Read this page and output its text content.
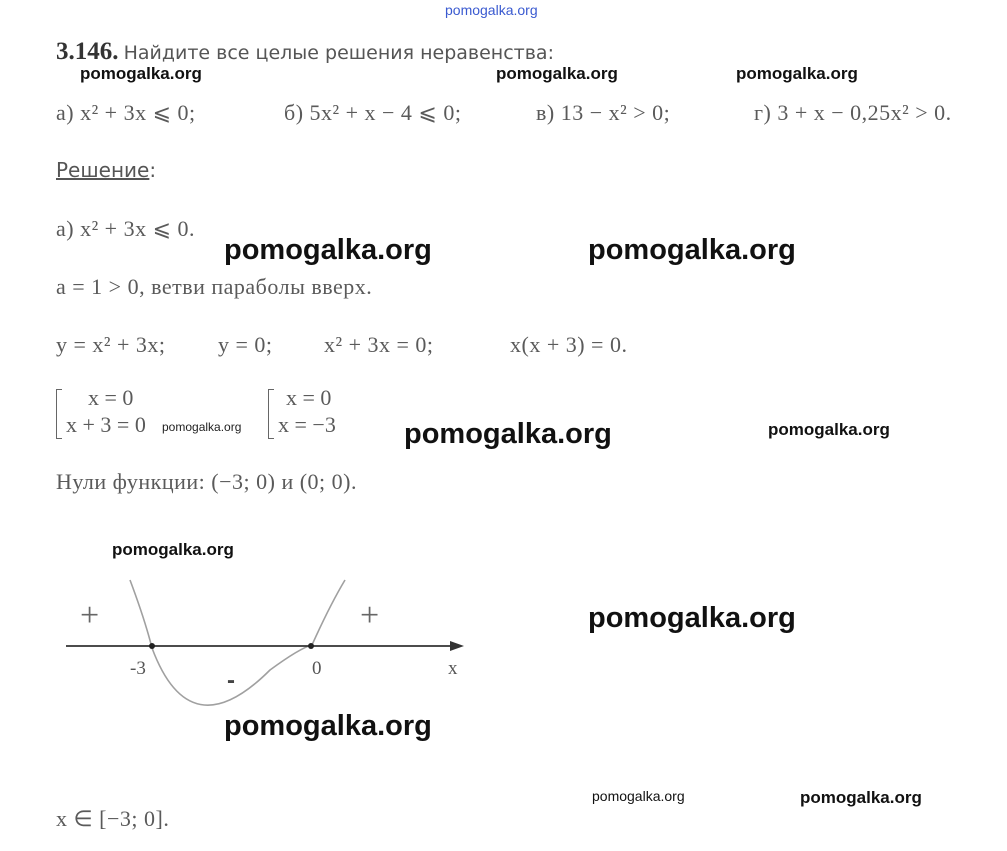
pomogalka.org
3.146. Найдите все целые решения неравенства:
pomogalka.org	pomogalka.org	pomogalka.org
а) x² + 3x ⩽ 0;	б) 5x² + x − 4 ⩽ 0;	в) 13 − x² > 0;	г) 3 + x − 0,25x² > 0.
Решение:
а) x² + 3x ⩽ 0.
pomogalka.org	pomogalka.org
a = 1 > 0, ветви параболы вверх.
y = x² + 3x; y = 0; x² + 3x = 0;	x(x + 3) = 0.
x = 0
x + 3 = 0 pomogalka.org
x = 0
x = −3 pomogalka.org	pomogalka.org
Нули функции: (−3; 0) и (0; 0).
pomogalka.org
+	+
-
-3	0	x
pomogalka.org
pomogalka.org
pomogalka.org	pomogalka.org
x ∈ [−3; 0].
